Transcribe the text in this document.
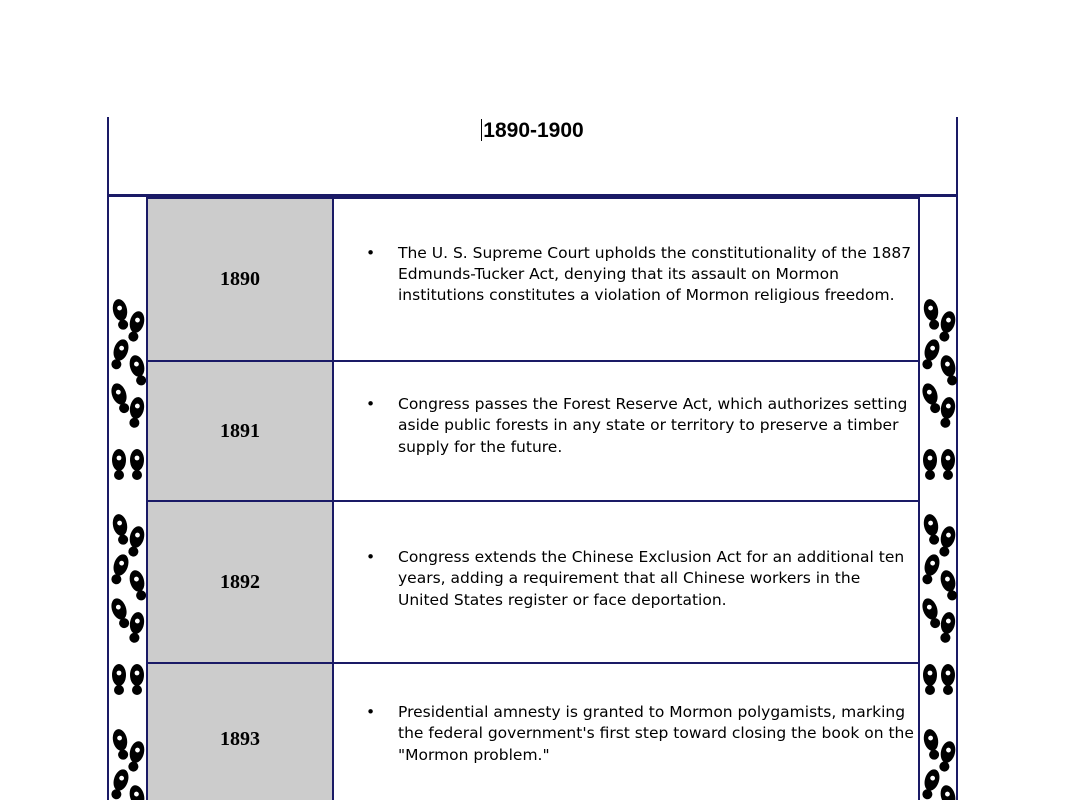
1890-1900
1890	• The U. S. Supreme Court upholds the constitutionality of the 1887 Edmunds-Tucker Act, denying that its assault on Mormon institutions constitutes a violation of Mormon religious freedom.

1891	• Congress passes the Forest Reserve Act, which authorizes setting aside public forests in any state or territory to preserve a timber supply for the future.

1892	• Congress extends the Chinese Exclusion Act for an additional ten years, adding a requirement that all Chinese workers in the United States register or face deportation.

1893	• Presidential amnesty is granted to Mormon polygamists, marking the federal government's first step toward closing the book on the "Mormon problem."
